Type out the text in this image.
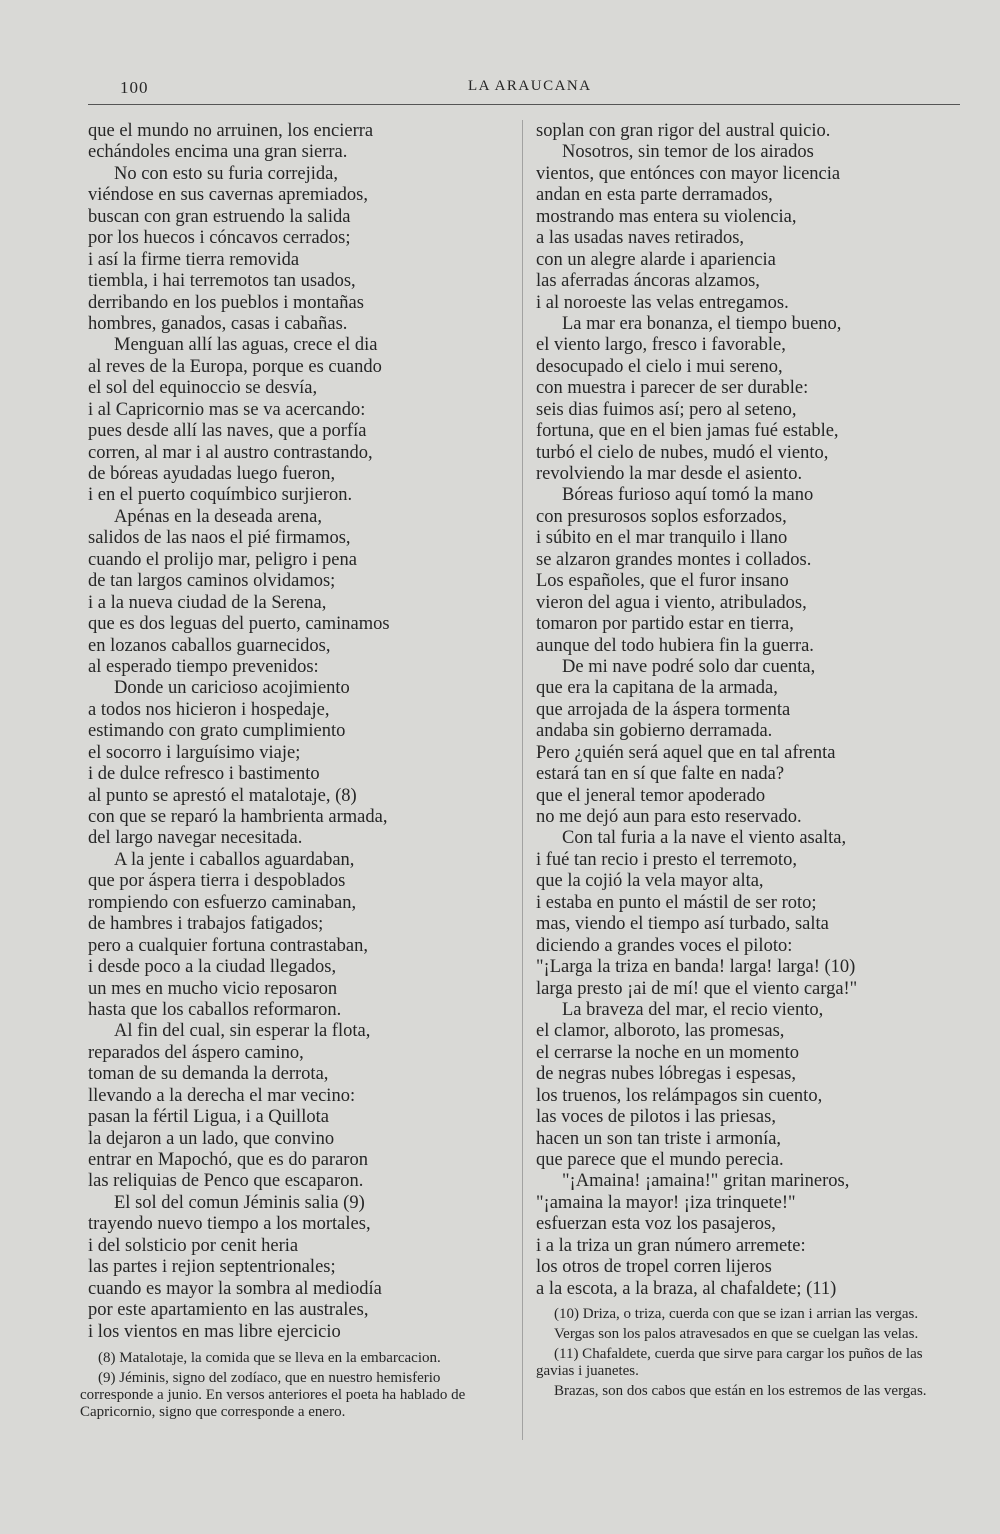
100	LA ARAUCANA
que el mundo no arruinen, los encierra
echándoles encima una gran sierra.
No con esto su furia correjida,
viéndose en sus cavernas apremiados,
buscan con gran estruendo la salida
por los huecos i cóncavos cerrados;
i así la firme tierra removida
tiembla, i hai terremotos tan usados,
derribando en los pueblos i montañas
hombres, ganados, casas i cabañas.
Menguan allí las aguas, crece el dia
al reves de la Europa, porque es cuando
el sol del equinoccio se desvía,
i al Capricornio mas se va acercando:
pues desde allí las naves, que a porfía
corren, al mar i al austro contrastando,
de bóreas ayudadas luego fueron,
i en el puerto coquímbico surjieron.
Apénas en la deseada arena,
salidos de las naos el pié firmamos,
cuando el prolijo mar, peligro i pena
de tan largos caminos olvidamos;
i a la nueva ciudad de la Serena,
que es dos leguas del puerto, caminamos
en lozanos caballos guarnecidos,
al esperado tiempo prevenidos:
Donde un caricioso acojimiento
a todos nos hicieron i hospedaje,
estimando con grato cumplimiento
el socorro i larguísimo viaje;
i de dulce refresco i bastimento
al punto se aprestó el matalotaje, (8)
con que se reparó la hambrienta armada,
del largo navegar necesitada.
A la jente i caballos aguardaban,
que por áspera tierra i despoblados
rompiendo con esfuerzo caminaban,
de hambres i trabajos fatigados;
pero a cualquier fortuna contrastaban,
i desde poco a la ciudad llegados,
un mes en mucho vicio reposaron
hasta que los caballos reformaron.
Al fin del cual, sin esperar la flota,
reparados del áspero camino,
toman de su demanda la derrota,
llevando a la derecha el mar vecino:
pasan la fértil Ligua, i a Quillota
la dejaron a un lado, que convino
entrar en Mapochó, que es do pararon
las reliquias de Penco que escaparon.
El sol del comun Jéminis salia (9)
trayendo nuevo tiempo a los mortales,
i del solsticio por cenit heria
las partes i rejion septentrionales;
cuando es mayor la sombra al mediodía
por este apartamiento en las australes,
i los vientos en mas libre ejercicio
soplan con gran rigor del austral quicio.
Nosotros, sin temor de los airados
vientos, que entónces con mayor licencia
andan en esta parte derramados,
mostrando mas entera su violencia,
a las usadas naves retirados,
con un alegre alarde i apariencia
las aferradas áncoras alzamos,
i al noroeste las velas entregamos.
La mar era bonanza, el tiempo bueno,
el viento largo, fresco i favorable,
desocupado el cielo i mui sereno,
con muestra i parecer de ser durable:
seis dias fuimos así; pero al seteno,
fortuna, que en el bien jamas fué estable,
turbó el cielo de nubes, mudó el viento,
revolviendo la mar desde el asiento.
Bóreas furioso aquí tomó la mano
con presurosos soplos esforzados,
i súbito en el mar tranquilo i llano
se alzaron grandes montes i collados.
Los españoles, que el furor insano
vieron del agua i viento, atribulados,
tomaron por partido estar en tierra,
aunque del todo hubiera fin la guerra.
De mi nave podré solo dar cuenta,
que era la capitana de la armada,
que arrojada de la áspera tormenta
andaba sin gobierno derramada.
Pero ¿quién será aquel que en tal afrenta
estará tan en sí que falte en nada?
que el jeneral temor apoderado
no me dejó aun para esto reservado.
Con tal furia a la nave el viento asalta,
i fué tan recio i presto el terremoto,
que la cojió la vela mayor alta,
i estaba en punto el mástil de ser roto;
mas, viendo el tiempo así turbado, salta
diciendo a grandes voces el piloto:
"¡Larga la triza en banda! larga! larga! (10)
larga presto ¡ai de mí! que el viento carga!"
La braveza del mar, el recio viento,
el clamor, alboroto, las promesas,
el cerrarse la noche en un momento
de negras nubes lóbregas i espesas,
los truenos, los relámpagos sin cuento,
las voces de pilotos i las priesas,
hacen un son tan triste i armonía,
que parece que el mundo perecia.
"¡Amaina! ¡amaina!" gritan marineros,
"¡amaina la mayor! ¡iza trinquete!"
esfuerzan esta voz los pasajeros,
i a la triza un gran número arremete:
los otros de tropel corren lijeros
a la escota, a la braza, al chafaldete; (11)
(8) Matalotaje, la comida que se lleva en la embarcacion.
(9) Jéminis, signo del zodíaco, que en nuestro hemisferio corresponde a junio. En versos anteriores el poeta ha hablado de Capricornio, signo que corresponde a enero.
(10) Driza, o triza, cuerda con que se izan i arrian las vergas.
Vergas son los palos atravesados en que se cuelgan las velas.
(11) Chafaldete, cuerda que sirve para cargar los puños de las gavias i juanetes.
Brazas, son dos cabos que están en los estremos de las vergas.
